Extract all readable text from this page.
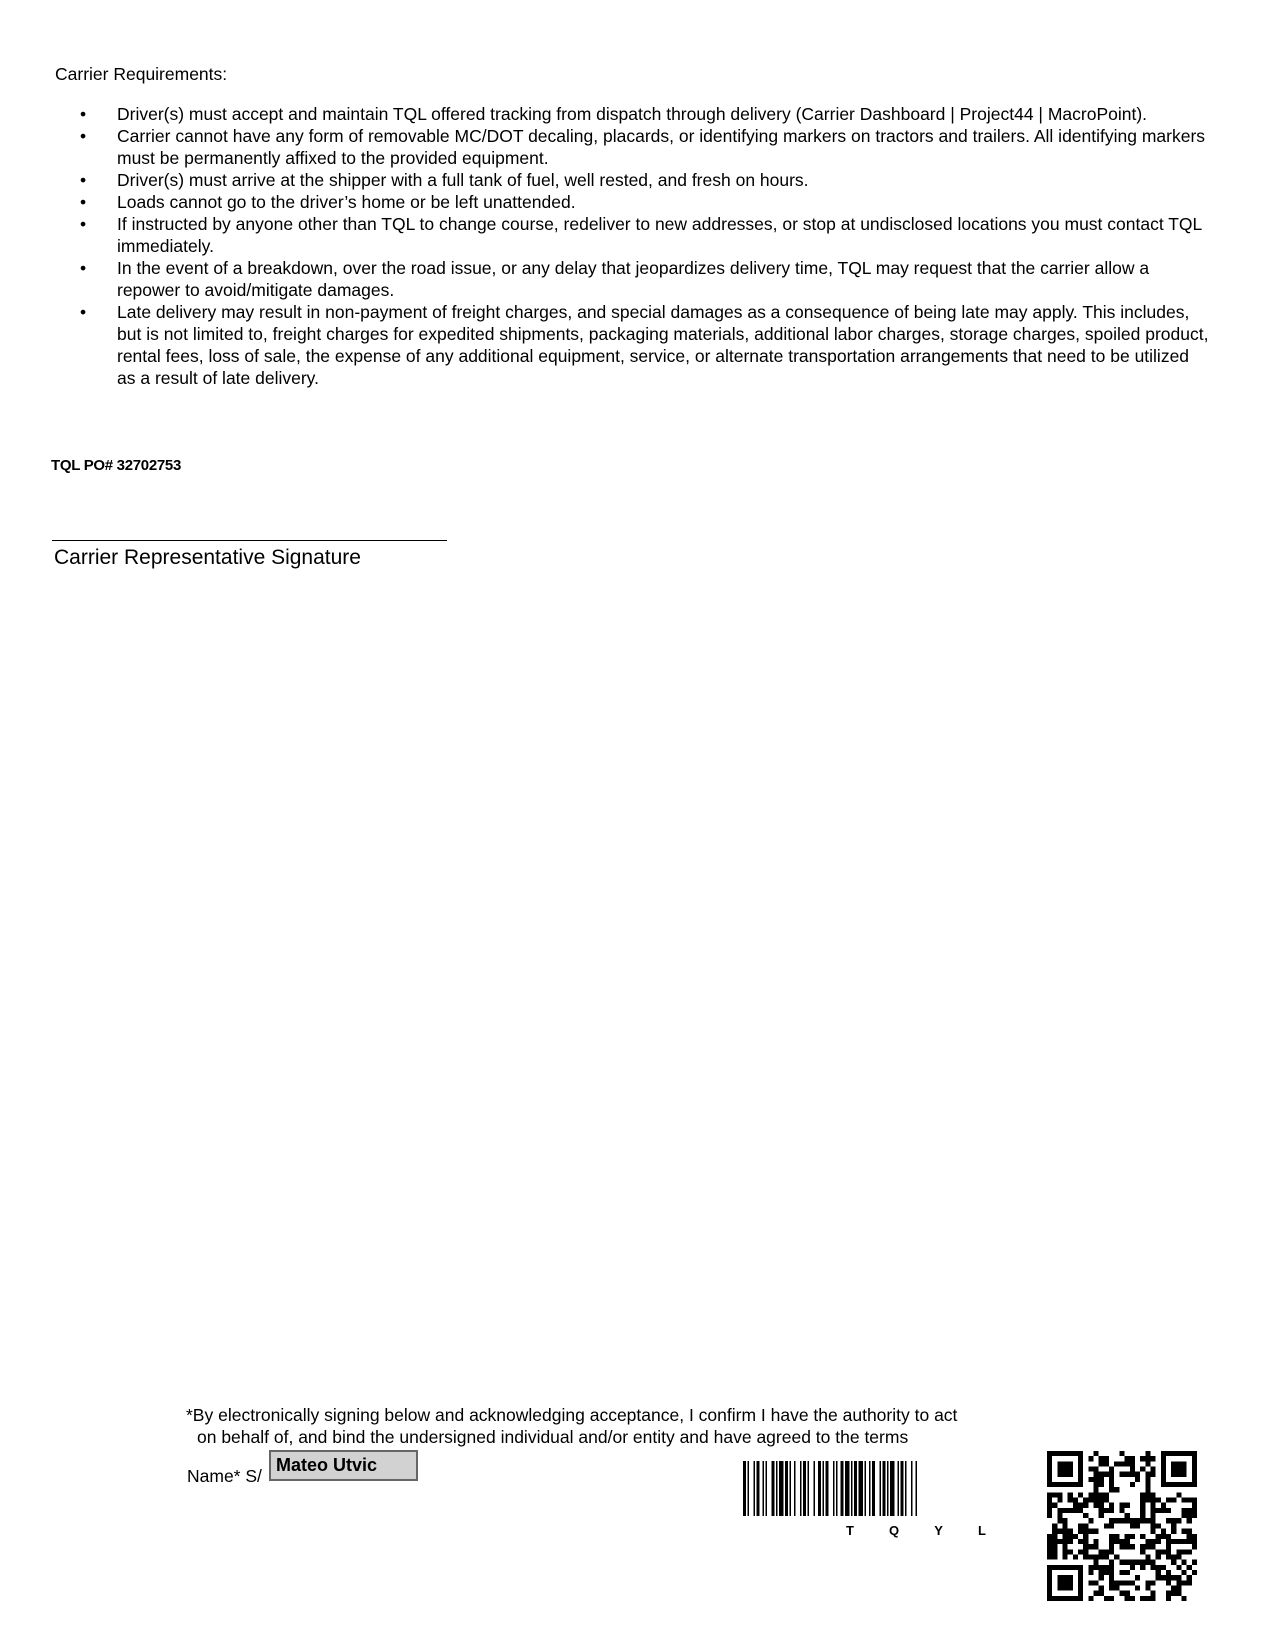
Carrier Requirements:
• Driver(s) must accept and maintain TQL offered tracking from dispatch through delivery (Carrier Dashboard | Project44 | MacroPoint).
• Carrier cannot have any form of removable MC/DOT decaling, placards, or identifying markers on tractors and trailers. All identifying markers must be permanently affixed to the provided equipment.
• Driver(s) must arrive at the shipper with a full tank of fuel, well rested, and fresh on hours.
• Loads cannot go to the driver’s home or be left unattended.
• If instructed by anyone other than TQL to change course, redeliver to new addresses, or stop at undisclosed locations you must contact TQL immediately.
• In the event of a breakdown, over the road issue, or any delay that jeopardizes delivery time, TQL may request that the carrier allow a repower to avoid/mitigate damages.
• Late delivery may result in non-payment of freight charges, and special damages as a consequence of being late may apply. This includes, but is not limited to, freight charges for expedited shipments, packaging materials, additional labor charges, storage charges, spoiled product, rental fees, loss of sale, the expense of any additional equipment, service, or alternate transportation arrangements that need to be utilized as a result of late delivery.
TQL PO# 32702753
Carrier Representative Signature
*By electronically signing below and acknowledging acceptance, I confirm I have the authority to act
on behalf of, and bind the undersigned individual and/or entity and have agreed to the terms
Name* S/
Mateo Utvic
T	Q	Y	L
